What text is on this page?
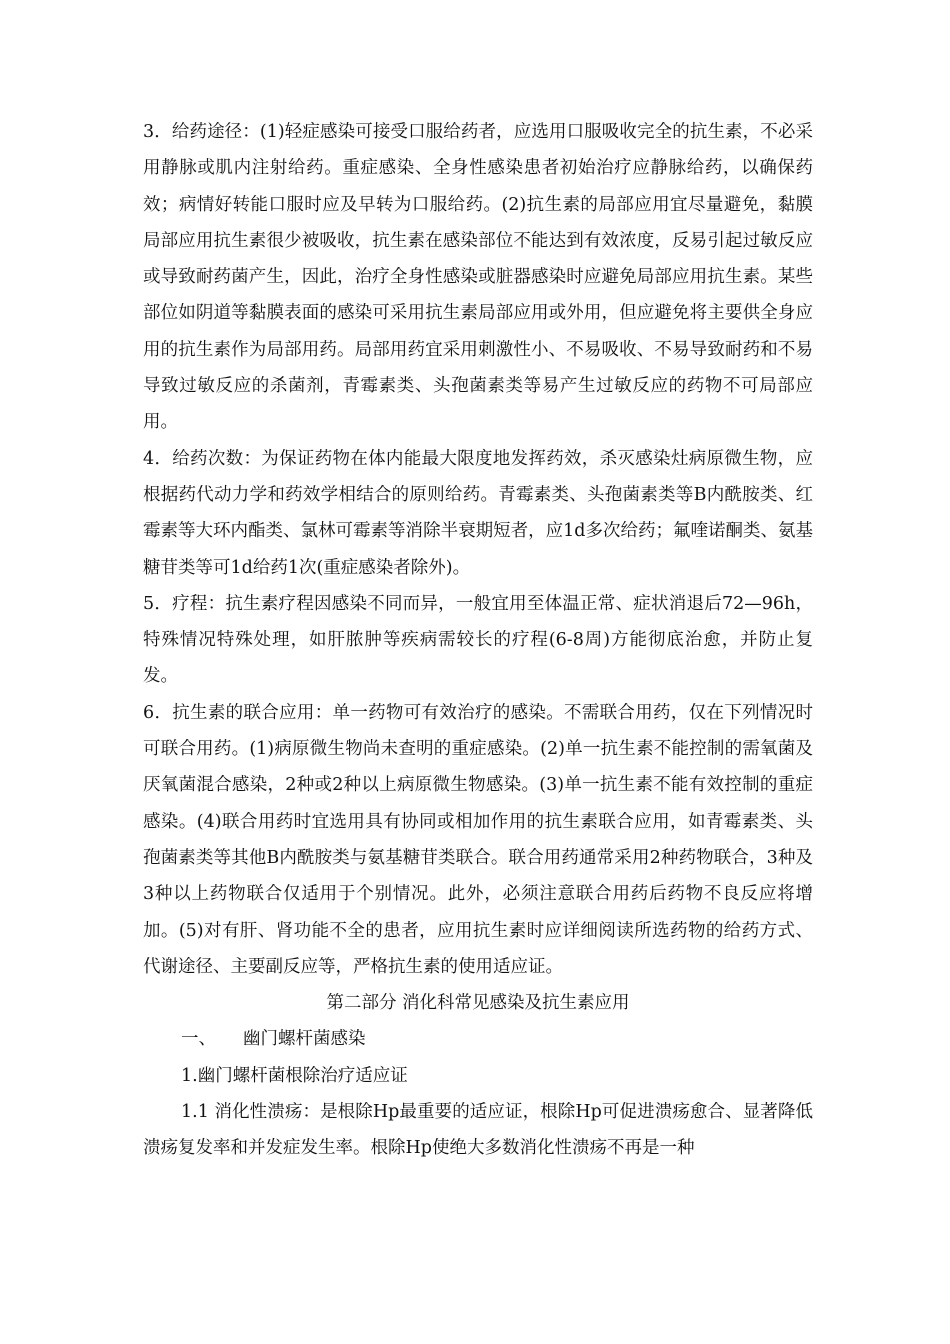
3．给药途径：(1)轻症感染可接受口服给药者，应选用口服吸收完全的抗生素，不必采用静脉或肌内注射给药。重症感染、全身性感染患者初始治疗应静脉给药，以确保药效；病情好转能口服时应及早转为口服给药。(2)抗生素的局部应用宜尽量避免，黏膜局部应用抗生素很少被吸收，抗生素在感染部位不能达到有效浓度，反易引起过敏反应或导致耐药菌产生，因此，治疗全身性感染或脏器感染时应避免局部应用抗生素。某些部位如阴道等黏膜表面的感染可采用抗生素局部应用或外用，但应避免将主要供全身应用的抗生素作为局部用药。局部用药宜采用刺激性小、不易吸收、不易导致耐药和不易导致过敏反应的杀菌剂，青霉素类、头孢菌素类等易产生过敏反应的药物不可局部应用。

4．给药次数：为保证药物在体内能最大限度地发挥药效，杀灭感染灶病原微生物，应根据药代动力学和药效学相结合的原则给药。青霉素类、头孢菌素类等B内酰胺类、红霉素等大环内酯类、氯林可霉素等消除半衰期短者，应1d多次给药；氟喹诺酮类、氨基糖苷类等可1d给药1次(重症感染者除外)。

5．疗程：抗生素疗程因感染不同而异，一般宜用至体温正常、症状消退后72—96h，特殊情况特殊处理，如肝脓肿等疾病需较长的疗程(6-8周)方能彻底治愈，并防止复发。

6．抗生素的联合应用：单一药物可有效治疗的感染。不需联合用药，仅在下列情况时可联合用药。(1)病原微生物尚未查明的重症感染。(2)单一抗生素不能控制的需氧菌及厌氧菌混合感染，2种或2种以上病原微生物感染。(3)单一抗生素不能有效控制的重症感染。(4)联合用药时宜选用具有协同或相加作用的抗生素联合应用，如青霉素类、头孢菌素类等其他B内酰胺类与氨基糖苷类联合。联合用药通常采用2种药物联合，3种及3种以上药物联合仅适用于个别情况。此外，必须注意联合用药后药物不良反应将增加。(5)对有肝、肾功能不全的患者，应用抗生素时应详细阅读所选药物的给药方式、代谢途径、主要副反应等，严格抗生素的使用适应证。

第二部分 消化科常见感染及抗生素应用

一、 幽门螺杆菌感染

1.幽门螺杆菌根除治疗适应证

1.1 消化性溃疡：是根除Hp最重要的适应证，根除Hp可促进溃疡愈合、显著降低溃疡复发率和并发症发生率。根除Hp使绝大多数消化性溃疡不再是一种
